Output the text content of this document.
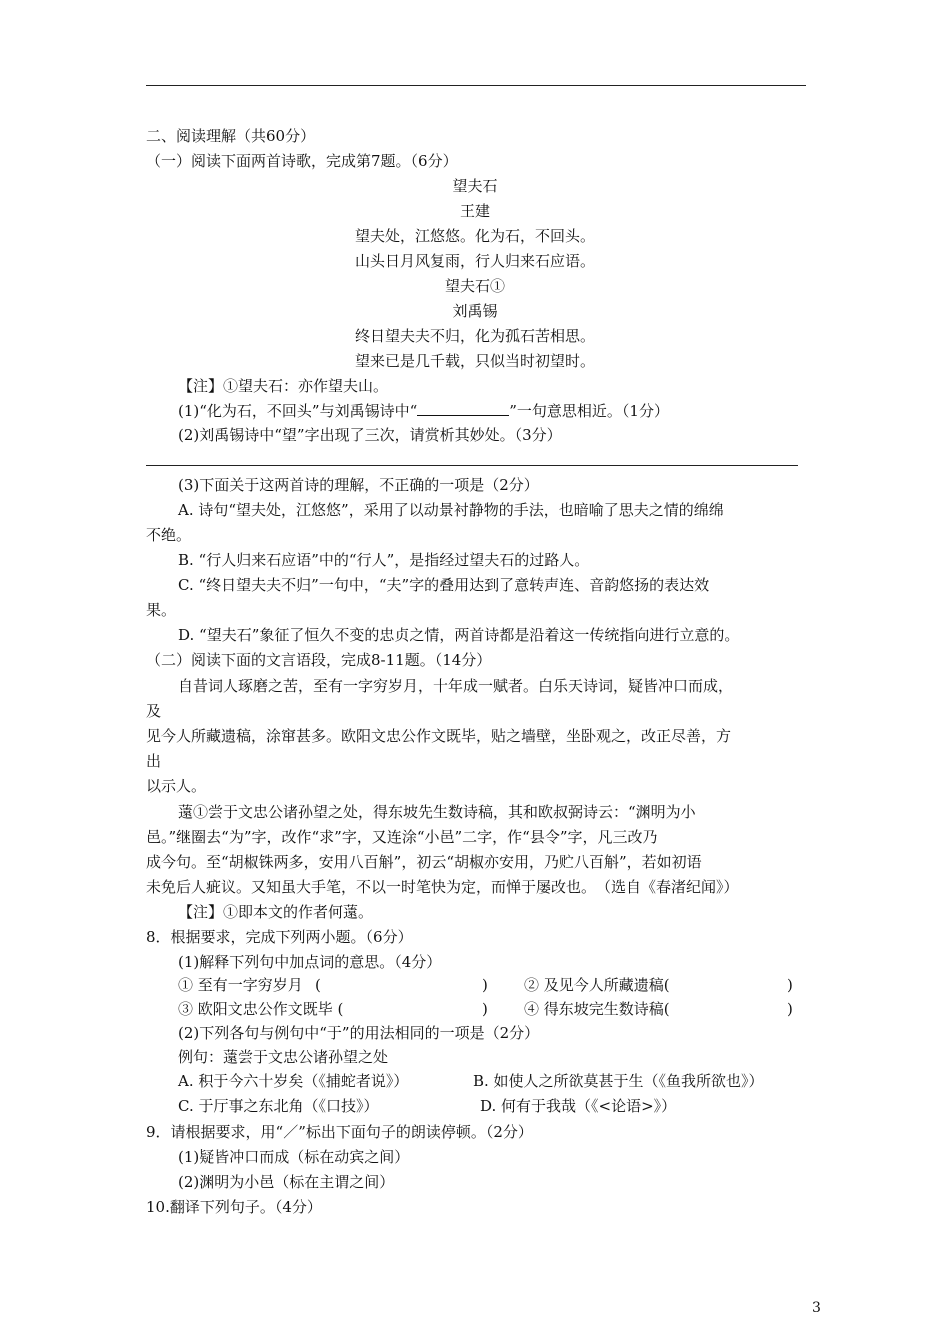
二、阅读理解（共60分）
（一）阅读下面两首诗歌，完成第7题。（6分）
望夫石
王建
望夫处，江悠悠。化为石，不回头。
山头日月风复雨，行人归来石应语。
望夫石①
刘禹锡
终日望夫夫不归，化为孤石苦相思。
望来已是几千载，只似当时初望时。
【注】①望夫石：亦作望夫山。
(1)“化为石，不回头”与刘禹锡诗中“	”一句意思相近。（1分）
(2)刘禹锡诗中“望”字出现了三次，请赏析其妙处。（3分）
(3)下面关于这两首诗的理解，不正确的一项是（2分）
A. 诗句“望夫处，江悠悠”，采用了以动景衬静物的手法，也暗喻了思夫之情的绵绵
不绝。
B. “行人归来石应语”中的“行人”，是指经过望夫石的过路人。
C. “终日望夫夫不归”一句中，“夫”字的叠用达到了意转声连、音韵悠扬的表达效
果。
D. “望夫石”象征了恒久不变的忠贞之情，两首诗都是沿着这一传统指向进行立意的。
（二）阅读下面的文言语段，完成8-11题。（14分）
自昔词人琢磨之苦，至有一字穷岁月，十年成一赋者。白乐天诗词，疑皆冲口而成，
及
见今人所藏遗稿，涂窜甚多。欧阳文忠公作文既毕，贴之墙壁，坐卧观之，改正尽善，方
出
以示人。
薳①尝于文忠公诸孙望之处，得东坡先生数诗稿，其和欧叔弼诗云：“渊明为小
邑。”继圈去“为”字，改作“求”字，又连涂“小邑”二字，作“县令”字，凡三改乃
成今句。至“胡椒铢两多，安用八百斛”，初云“胡椒亦安用，乃贮八百斛”，若如初语
未免后人疵议。又知虽大手笔，不以一时笔快为定，而惮于屡改也。　（选自《春渚纪闻》）
【注】①即本文的作者何薳。
8．根据要求，完成下列两小题。（6分）
(1)解释下列句中加点词的意思。（4分）
① 至有一字穷岁月 (	) ② 及见今人所藏遗稿(	)
③ 欧阳文忠公作文既毕 (	) ④ 得东坡完生数诗稿(	)
(2)下列各句与例句中“于”的用法相同的一项是（2分）
例句：薳尝于文忠公诸孙望之处
A. 积于今六十岁矣（《捕蛇者说》）	B. 如使人之所欲莫甚于生（《鱼我所欲也》）
C. 于厅事之东北角（《口技》）	D. 何有于我哉（《<论语>》）
9．请根据要求，用“／”标出下面句子的朗读停顿。（2分）
(1)疑皆冲口而成（标在动宾之间）
(2)渊明为小邑（标在主谓之间）
10.翻译下列句子。（4分）
3
